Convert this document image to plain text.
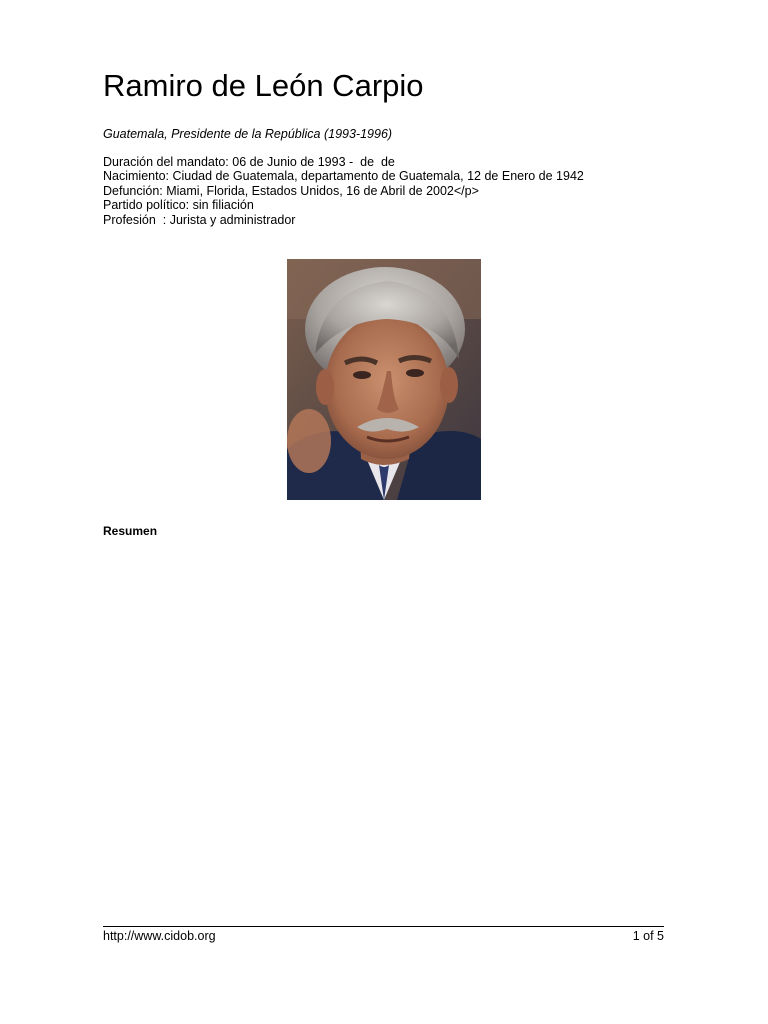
Ramiro de León Carpio

Guatemala, Presidente de la República (1993-1996)

Duración del mandato: 06 de Junio de 1993 -  de  de
Nacimiento: Ciudad de Guatemala, departamento de Guatemala, 12 de Enero de 1942
Defunción: Miami, Florida, Estados Unidos, 16 de Abril de 2002</p>
Partido político: sin filiación
Profesión  : Jurista y administrador

Resumen

http://www.cidob.org	1 of 5
